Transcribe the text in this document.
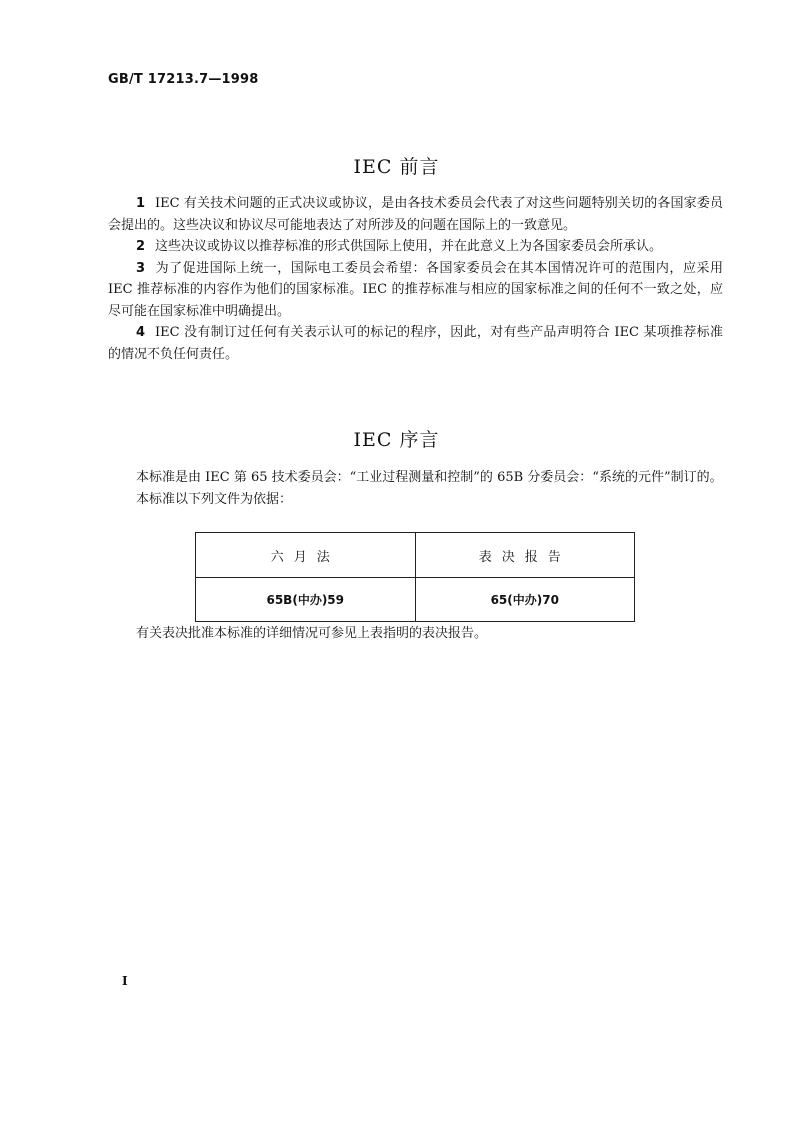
GB/T 17213.7—1998
IEC 前言

1 IEC 有关技术问题的正式决议或协议，是由各技术委员会代表了对这些问题特别关切的各国家委员会提出的。这些决议和协议尽可能地表达了对所涉及的问题在国际上的一致意见。

2 这些决议或协议以推荐标准的形式供国际上使用，并在此意义上为各国家委员会所承认。

3 为了促进国际上统一，国际电工委员会希望：各国家委员会在其本国情况许可的范围内，应采用IEC 推荐标准的内容作为他们的国家标准。IEC 的推荐标准与相应的国家标准之间的任何不一致之处，应尽可能在国家标准中明确提出。

4 IEC 没有制订过任何有关表示认可的标记的程序，因此，对有些产品声明符合 IEC 某项推荐标准的情况不负任何责任。

IEC 序言

本标准是由 IEC 第 65 技术委员会：“工业过程测量和控制”的 65B 分委员会：“系统的元件”制订的。

本标准以下列文件为依据：

六月法	表决报告
65B(中办)59	65(中办)70
有关表决批准本标准的详细情况可参见上表指明的表决报告。
I
